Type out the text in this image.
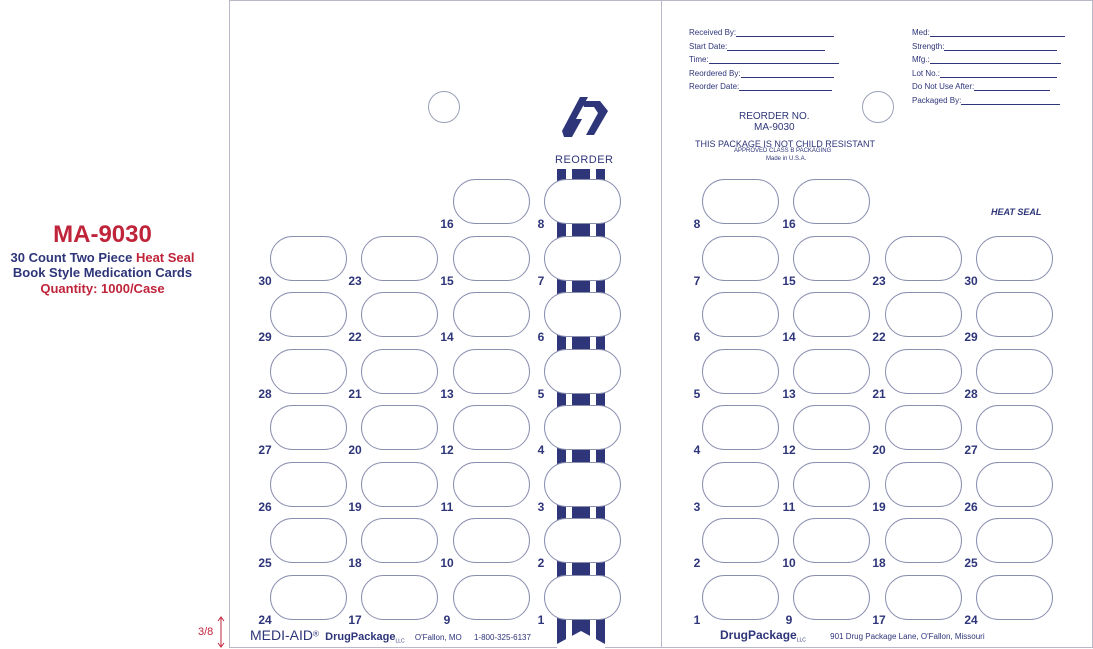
MA-9030
30 Count Two Piece Heat Seal
Book Style Medication Cards
Quantity: 1000/Case
3/8
REORDER
30
29
28
27
26
25
24
23
22
21
20
19
18
17
16
15
14
13
12
11
10
9
8
7
6
5
4
3
2
1
MEDI-AID® DrugPackage$_{LLC}$ O'Fallon, MO 1-800-325-6137
Received By:
Start Date:
Time:
Reordered By:
Reorder Date:
Med:
Strength:
Mfg.:
Lot No.:
Do Not Use After:
Packaged By:
REORDER NO.
MA-9030
THIS PACKAGE IS NOT CHILD RESISTANT
APPROVED CLASS B PACKAGING
Made in U.S.A.
HEAT SEAL
8
7
6
5
4
3
2
1
16
15
14
13
12
11
10
9
23
22
21
20
19
18
17
30
29
28
27
26
25
24
DrugPackage$_{LLC}$	901 Drug Package Lane, O'Fallon, Missouri
